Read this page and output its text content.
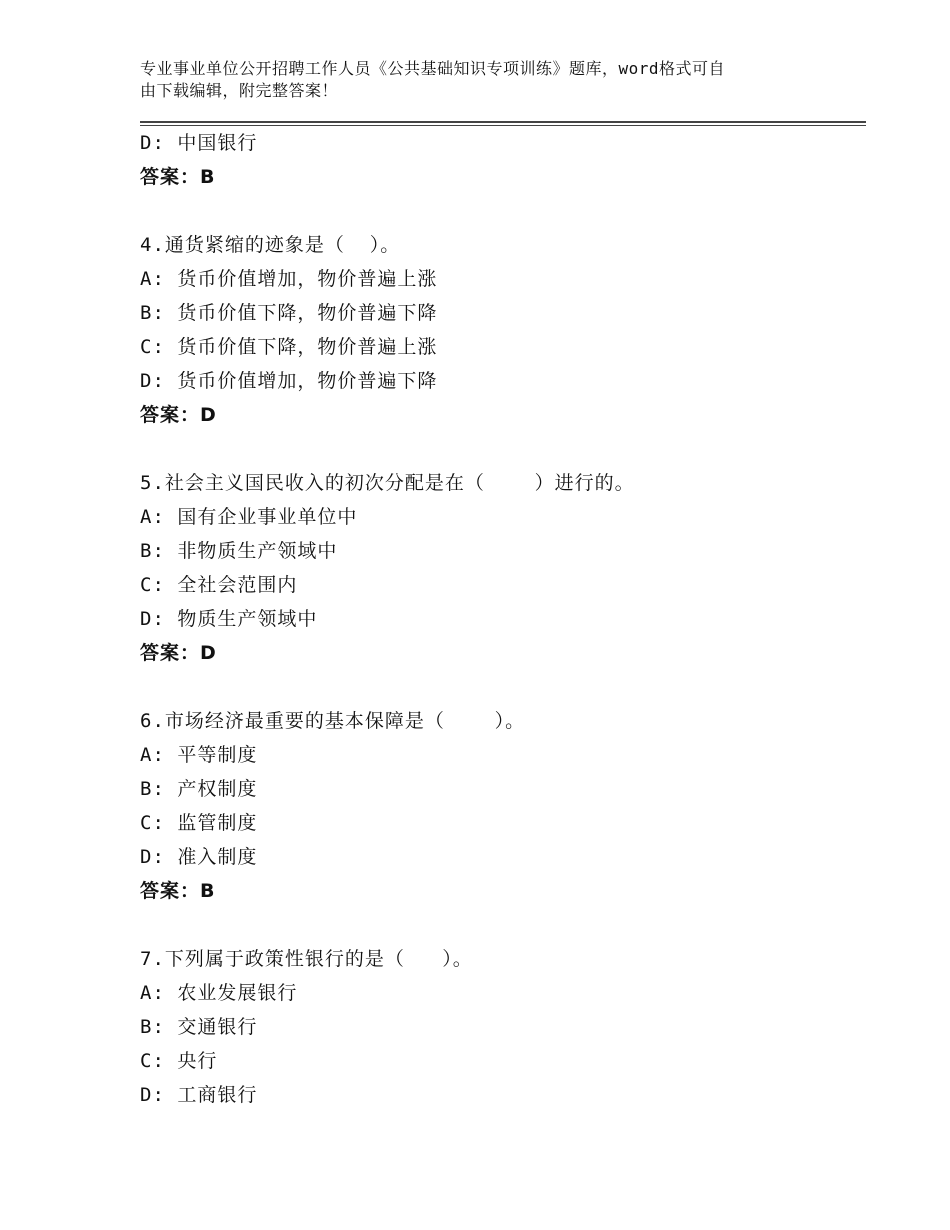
专业事业单位公开招聘工作人员《公共基础知识专项训练》题库，word格式可自
由下载编辑，附完整答案！
D: 中国银行
答案：B
4.通货紧缩的迹象是（  ）。
A: 货币价值增加，物价普遍上涨
B: 货币价值下降，物价普遍下降
C: 货币价值下降，物价普遍上涨
D: 货币价值增加，物价普遍下降
答案：D
5.社会主义国民收入的初次分配是在（    ）进行的。
A: 国有企业事业单位中
B: 非物质生产领域中
C: 全社会范围内
D: 物质生产领域中
答案：D
6.市场经济最重要的基本保障是（    ）。
A: 平等制度
B: 产权制度
C: 监管制度
D: 准入制度
答案：B
7.下列属于政策性银行的是（   ）。
A: 农业发展银行
B: 交通银行
C: 央行
D: 工商银行
